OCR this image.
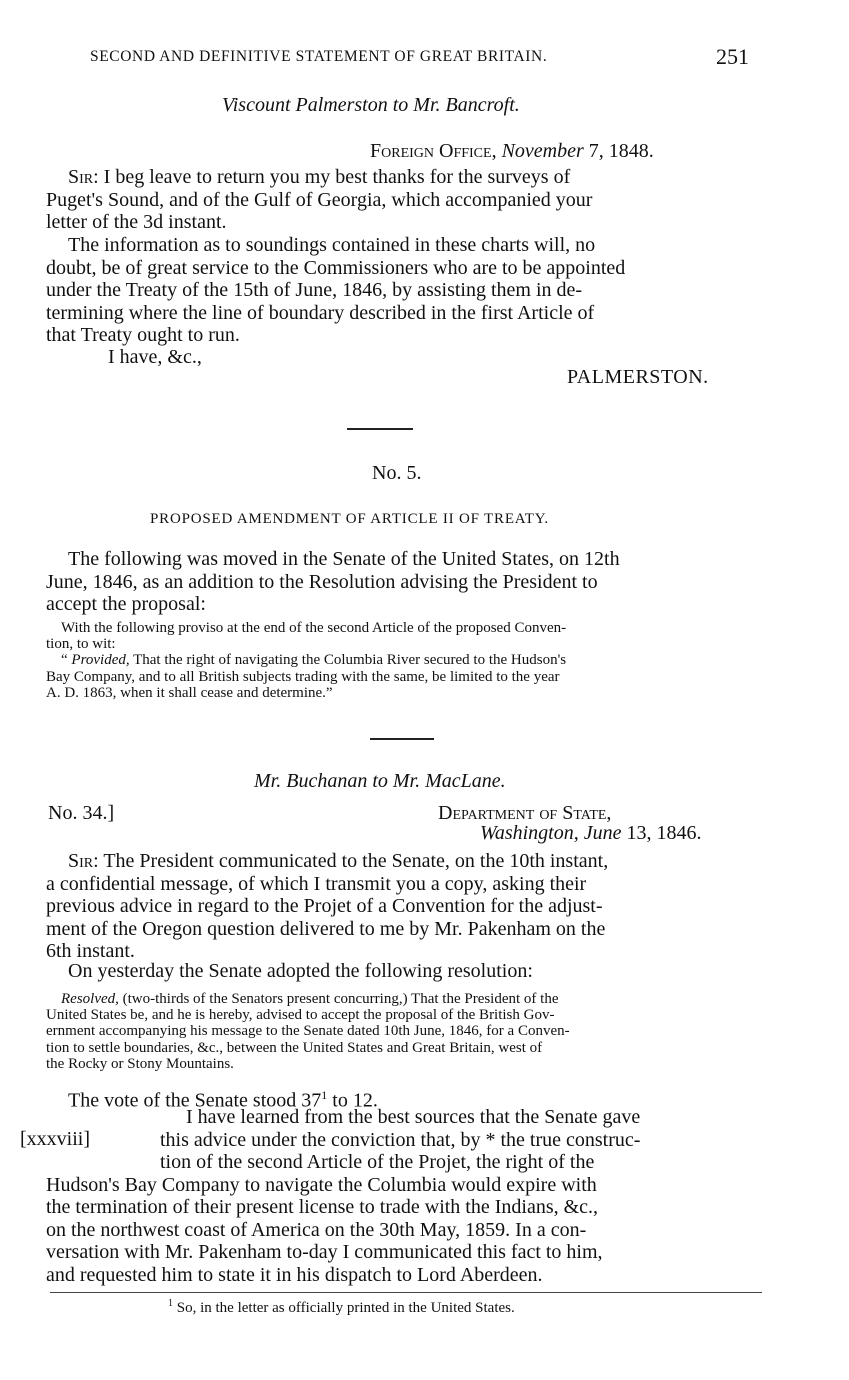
SECOND AND DEFINITIVE STATEMENT OF GREAT BRITAIN.	251
Viscount Palmerston to Mr. Bancroft.
Foreign Office, November 7, 1848.
Sir: I beg leave to return you my best thanks for the surveys of
Puget's Sound, and of the Gulf of Georgia, which accompanied your
letter of the 3d instant.
The information as to soundings contained in these charts will, no
doubt, be of great service to the Commissioners who are to be appointed
under the Treaty of the 15th of June, 1846, by assisting them in de-
termining where the line of boundary described in the first Article of
that Treaty ought to run.
I have, &c.,
PALMERSTON.
No. 5.
PROPOSED AMENDMENT OF ARTICLE II OF TREATY.
The following was moved in the Senate of the United States, on 12th
June, 1846, as an addition to the Resolution advising the President to
accept the proposal:
With the following proviso at the end of the second Article of the proposed Conven-
tion, to wit:
“ Provided, That the right of navigating the Columbia River secured to the Hudson's
Bay Company, and to all British subjects trading with the same, be limited to the year
A. D. 1863, when it shall cease and determine.”
Mr. Buchanan to Mr. MacLane.
No. 34.]	Department of State,
Washington, June 13, 1846.
Sir: The President communicated to the Senate, on the 10th instant,
a confidential message, of which I transmit you a copy, asking their
previous advice in regard to the Projet of a Convention for the adjust-
ment of the Oregon question delivered to me by Mr. Pakenham on the
6th instant.
On yesterday the Senate adopted the following resolution:
Resolved, (two-thirds of the Senators present concurring,) That the President of the
United States be, and he is hereby, advised to accept the proposal of the British Gov-
ernment accompanying his message to the Senate dated 10th June, 1846, for a Conven-
tion to settle boundaries, &c., between the United States and Great Britain, west of
the Rocky or Stony Mountains.
The vote of the Senate stood $37^1$ to 12.
[xxxviii]
I have learned from the best sources that the Senate gave
this advice under the conviction that, by * the true construc-
tion of the second Article of the Projet, the right of the
Hudson's Bay Company to navigate the Columbia would expire with
the termination of their present license to trade with the Indians, &c.,
on the northwest coast of America on the 30th May, 1859. In a con-
versation with Mr. Pakenham to-day I communicated this fact to him,
and requested him to state it in his dispatch to Lord Aberdeen.
$^1$ So, in the letter as officially printed in the United States.
